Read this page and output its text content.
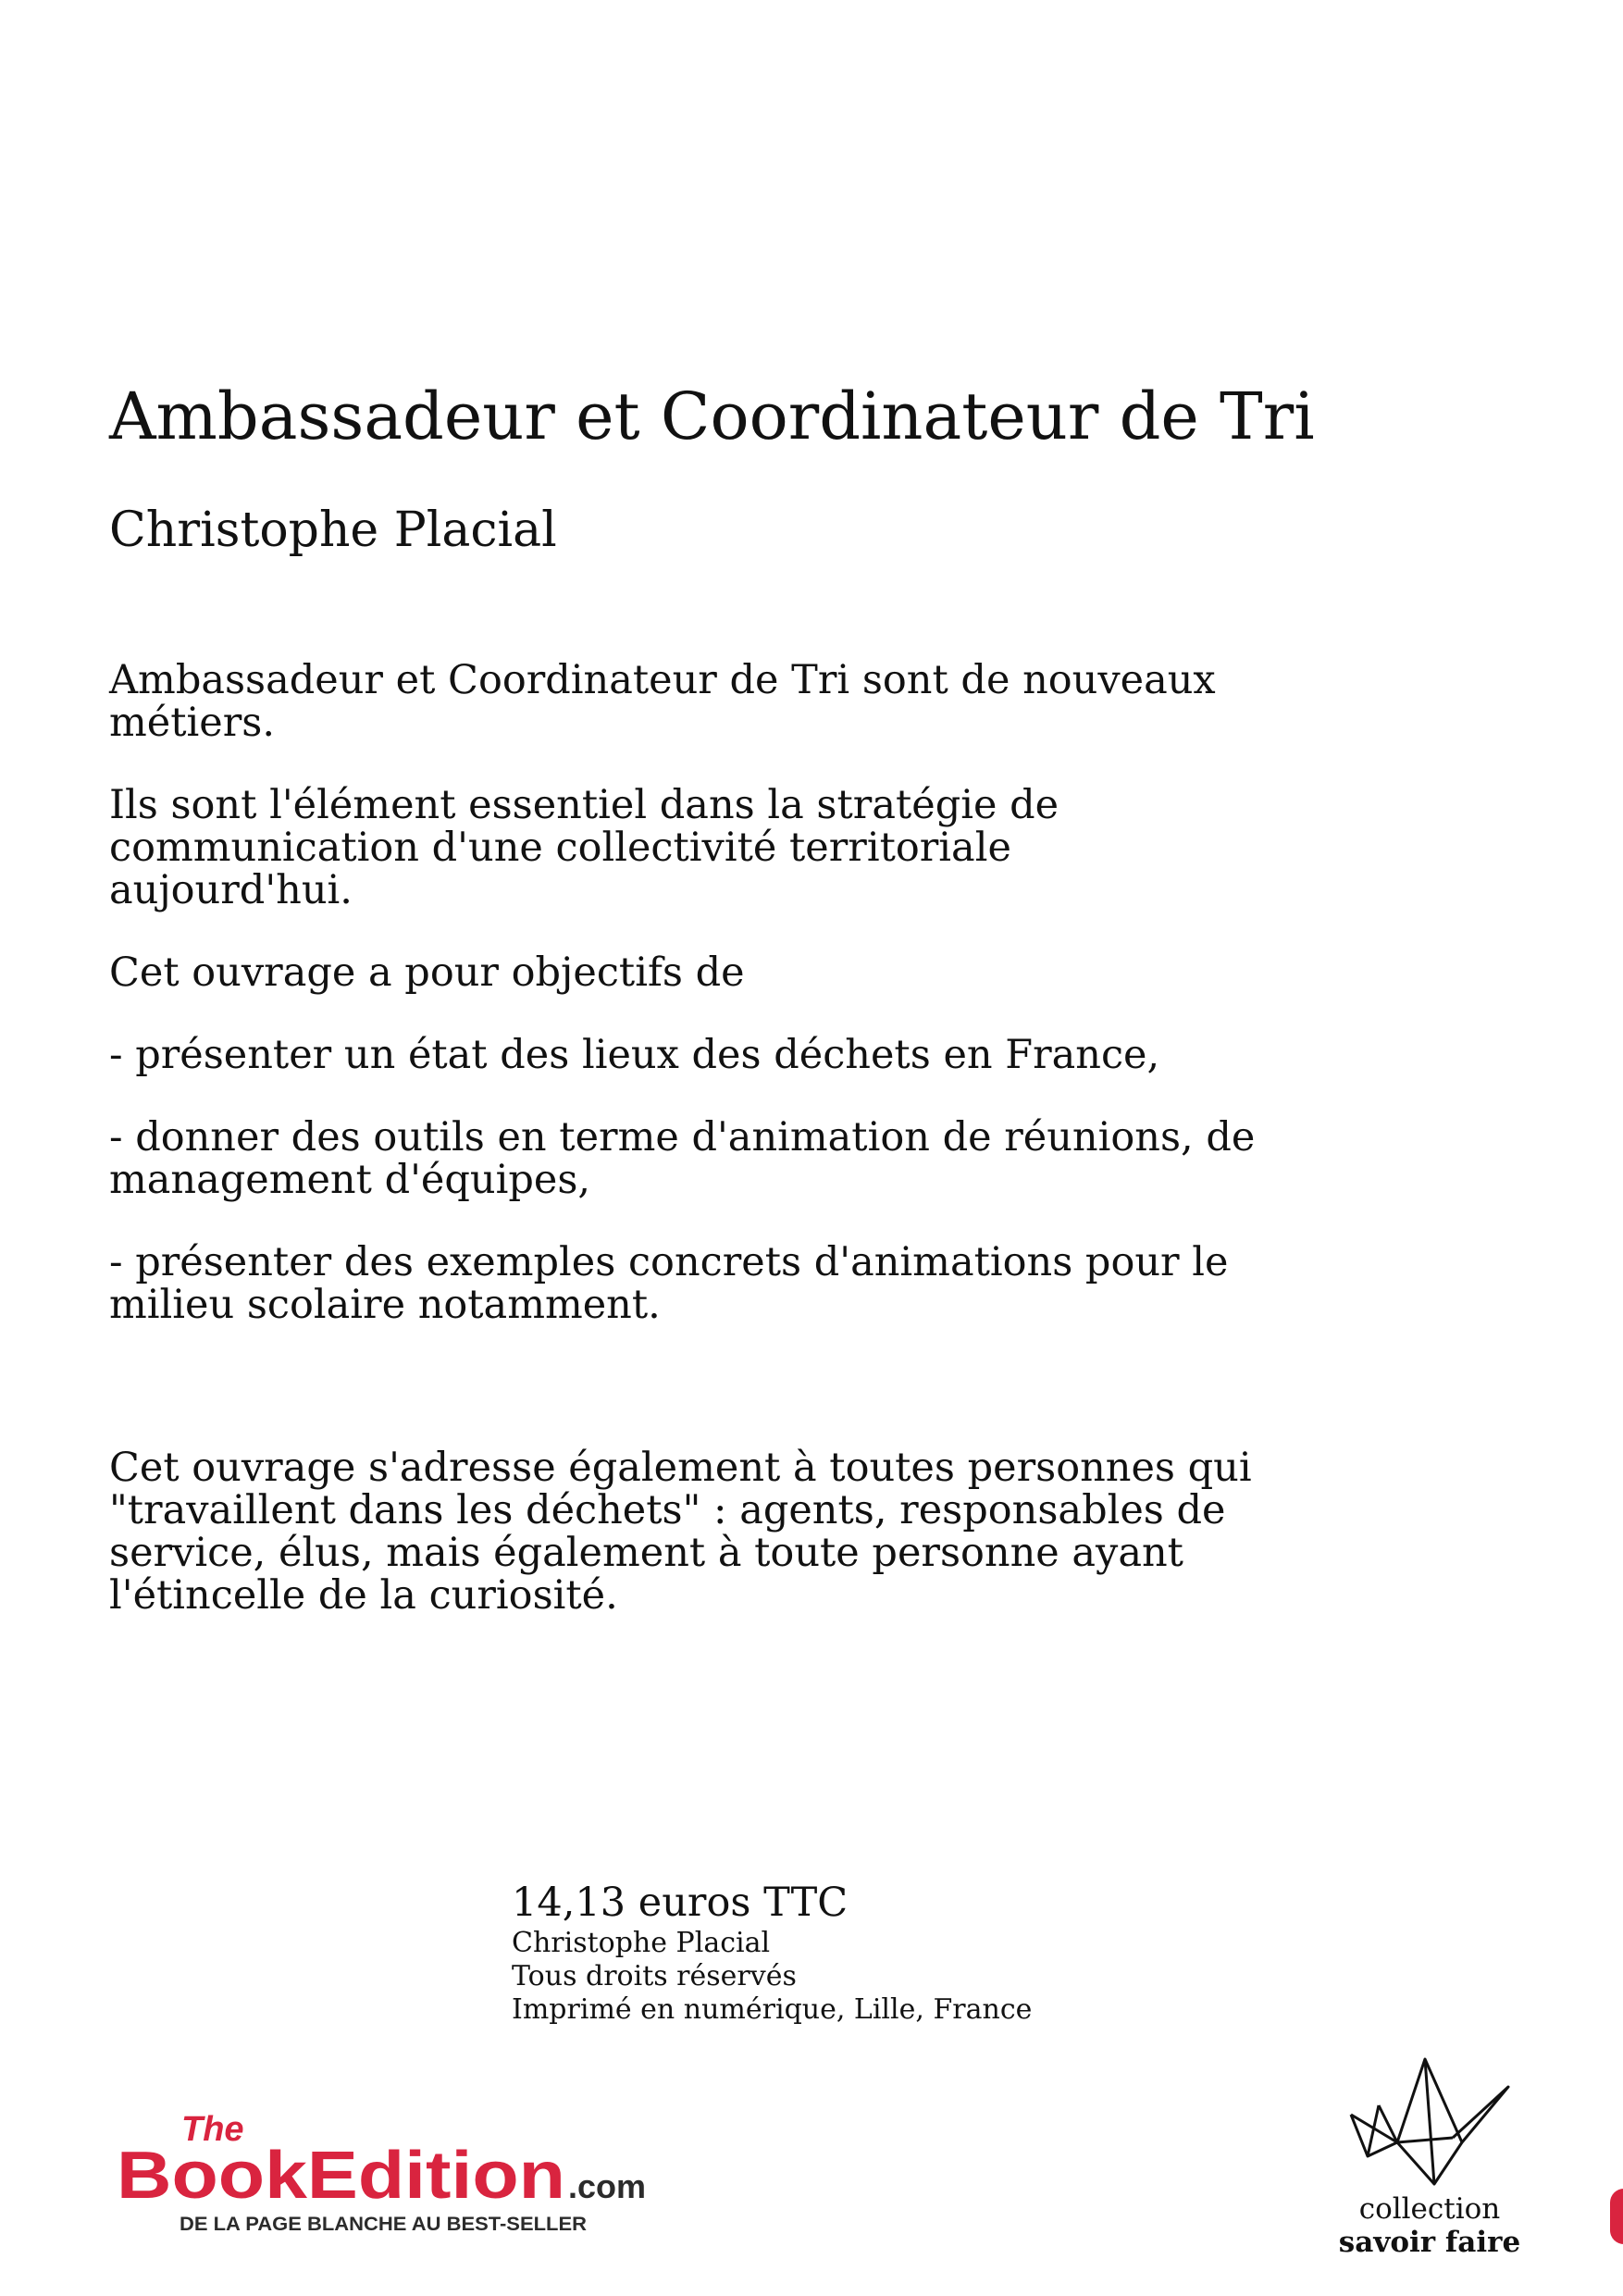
Ambassadeur et Coordinateur de Tri
Christophe Placial

Ambassadeur et Coordinateur de Tri sont de nouveaux métiers.

Ils sont l'élément essentiel dans la stratégie de communication d'une collectivité territoriale aujourd'hui.

Cet ouvrage a pour objectifs de

- présenter un état des lieux des déchets en France,

- donner des outils en terme d'animation de réunions, de management d'équipes,

- présenter des exemples concrets d'animations pour le milieu scolaire notamment.

Cet ouvrage s'adresse également à toutes personnes qui "travaillent dans les déchets" : agents, responsables de service, élus, mais également à toute personne ayant l'étincelle de la curiosité.

14,13 euros TTC
Christophe Placial
Tous droits réservés
Imprimé en numérique, Lille, France
The
BookEdition .com
DE LA PAGE BLANCHE AU BEST-SELLER	collection
savoir faire
